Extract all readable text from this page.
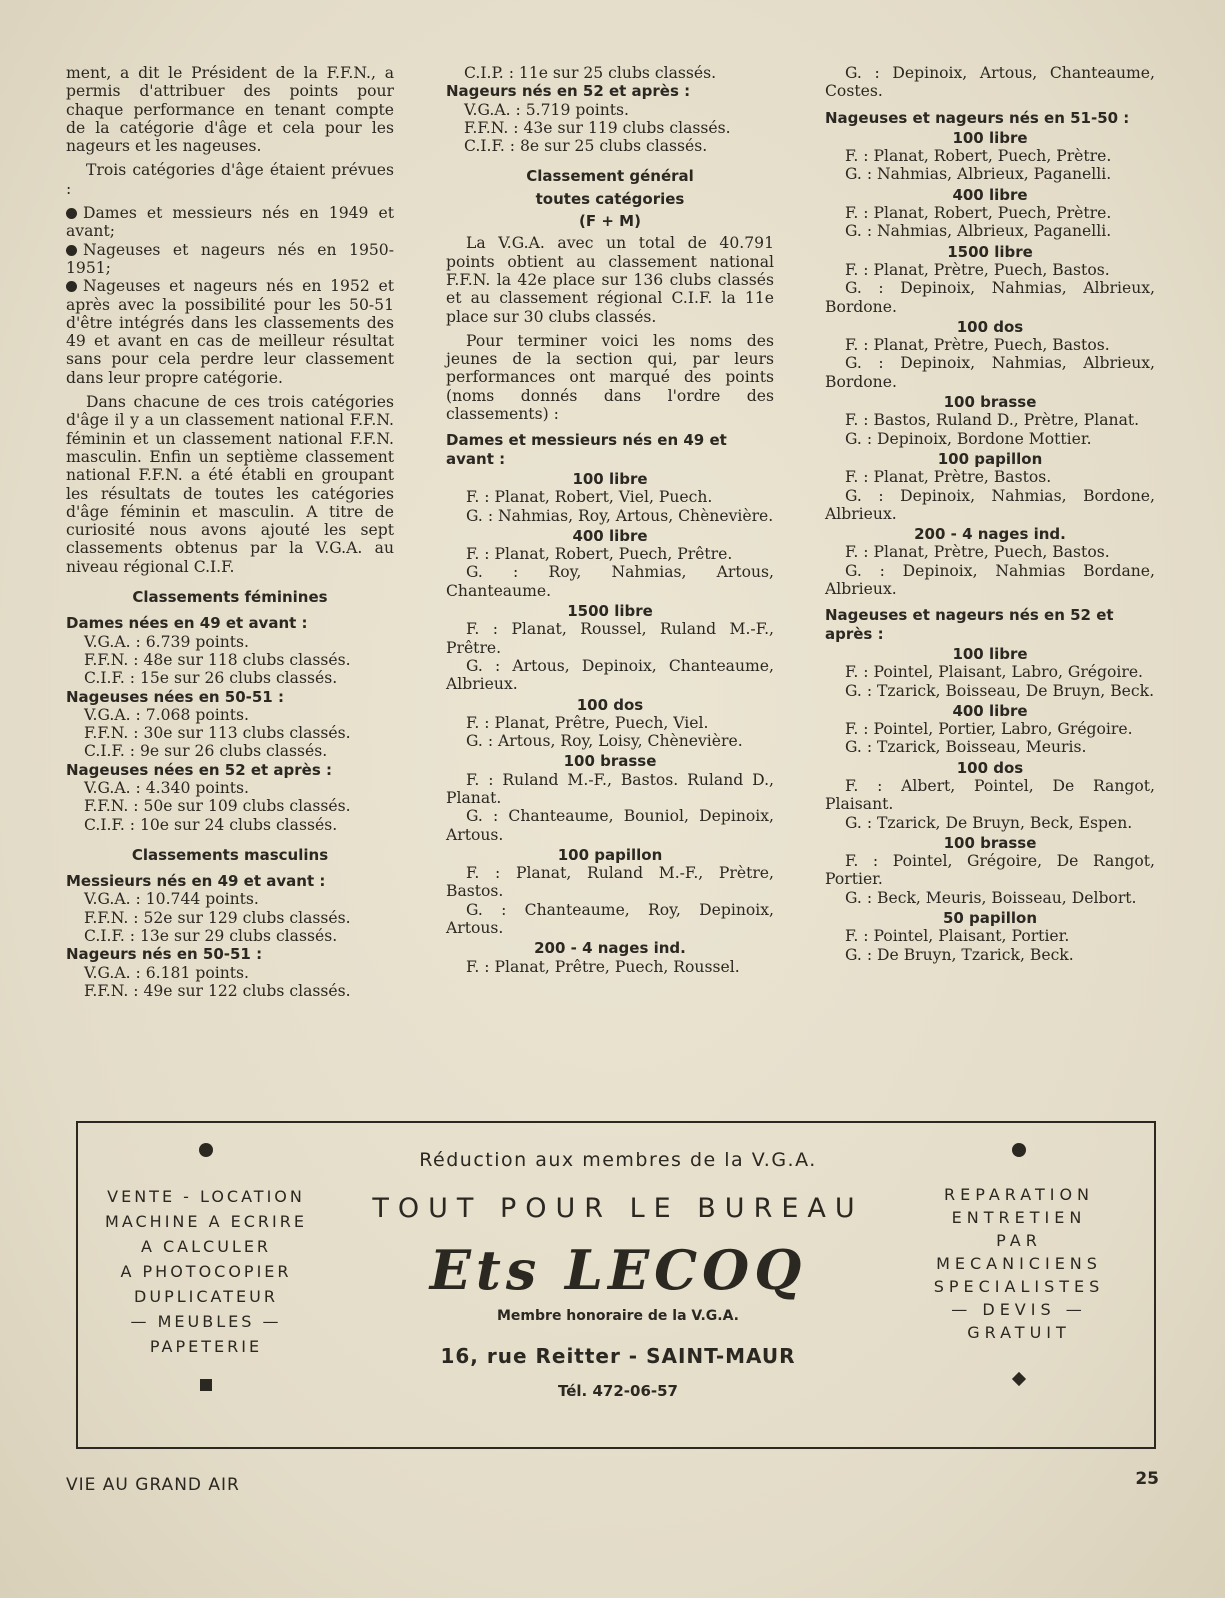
ment, a dit le Président de la F.F.N., a permis d'attribuer des points pour chaque performance en tenant compte de la catégorie d'âge et cela pour les nageurs et les nageuses.

Trois catégories d'âge étaient prévues :

Dames et messieurs nés en 1949 et avant;
Nageuses et nageurs nés en 1950-1951;

Nageuses et nageurs nés en 1952 et après avec la possibilité pour les 50-51 d'être intégrés dans les classements des 49 et avant en cas de meilleur résultat sans pour cela perdre leur classement dans leur propre catégorie.

Dans chacune de ces trois catégories d'âge il y a un classement national F.F.N. féminin et un classement national F.F.N. masculin. Enfin un septième classement national F.F.N. a été établi en groupant les résultats de toutes les catégories d'âge féminin et masculin. A titre de curiosité nous avons ajouté les sept classements obtenus par la V.G.A. au niveau régional C.I.F.

Classements féminines
Dames nées en 49 et avant :
V.G.A. : 6.739 points.
F.F.N. : 48e sur 118 clubs classés.
C.I.F. : 15e sur 26 clubs classés.
Nageuses nées en 50-51 :
V.G.A. : 7.068 points.
F.F.N. : 30e sur 113 clubs classés.
C.I.F. : 9e sur 26 clubs classés.
Nageuses nées en 52 et après :
V.G.A. : 4.340 points.
F.F.N. : 50e sur 109 clubs classés.
C.I.F. : 10e sur 24 clubs classés.
Classements masculins
Messieurs nés en 49 et avant :
V.G.A. : 10.744 points.
F.F.N. : 52e sur 129 clubs classés.
C.I.F. : 13e sur 29 clubs classés.
Nageurs nés en 50-51 :
V.G.A. : 6.181 points.
F.F.N. : 49e sur 122 clubs classés.
C.I.P. : 11e sur 25 clubs classés.
Nageurs nés en 52 et après :
V.G.A. : 5.719 points.
F.F.N. : 43e sur 119 clubs classés.
C.I.F. : 8e sur 25 clubs classés.
Classement général
toutes catégories
(F + M)

La V.G.A. avec un total de 40.791 points obtient au classement national F.F.N. la 42e place sur 136 clubs classés et au classement régional C.I.F. la 11e place sur 30 clubs classés.

Pour terminer voici les noms des jeunes de la section qui, par leurs performances ont marqué des points (noms donnés dans l'ordre des classements) :

Dames et messieurs nés en 49 et avant :
100 libre
F. : Planat, Robert, Viel, Puech.
G. : Nahmias, Roy, Artous, Chènevière.
400 libre
F. : Planat, Robert, Puech, Prêtre.
G. : Roy, Nahmias, Artous, Chanteaume.
1500 libre
F. : Planat, Roussel, Ruland M.-F., Prêtre.
G. : Artous, Depinoix, Chanteaume, Albrieux.
100 dos
F. : Planat, Prêtre, Puech, Viel.
G. : Artous, Roy, Loisy, Chènevière.
100 brasse
F. : Ruland M.-F., Bastos. Ruland D., Planat.
G. : Chanteaume, Bouniol, Depinoix, Artous.
100 papillon
F. : Planat, Ruland M.-F., Prètre, Bastos.
G. : Chanteaume, Roy, Depinoix, Artous.
200 - 4 nages ind.
F. : Planat, Prêtre, Puech, Roussel.

G. : Depinoix, Artous, Chanteaume, Costes.

Nageuses et nageurs nés en 51-50 :
100 libre
F. : Planat, Robert, Puech, Prètre.
G. : Nahmias, Albrieux, Paganelli.
400 libre
F. : Planat, Robert, Puech, Prètre.
G. : Nahmias, Albrieux, Paganelli.
1500 libre
F. : Planat, Prètre, Puech, Bastos.
G. : Depinoix, Nahmias, Albrieux, Bordone.
100 dos
F. : Planat, Prètre, Puech, Bastos.
G. : Depinoix, Nahmias, Albrieux, Bordone.
100 brasse
F. : Bastos, Ruland D., Prètre, Planat.
G. : Depinoix, Bordone Mottier.
100 papillon
F. : Planat, Prètre, Bastos.
G. : Depinoix, Nahmias, Bordone, Albrieux.
200 - 4 nages ind.
F. : Planat, Prètre, Puech, Bastos.
G. : Depinoix, Nahmias Bordane, Albrieux.
Nageuses et nageurs nés en 52 et après :
100 libre
F. : Pointel, Plaisant, Labro, Grégoire.
G. : Tzarick, Boisseau, De Bruyn, Beck.
400 libre
F. : Pointel, Portier, Labro, Grégoire.
G. : Tzarick, Boisseau, Meuris.
100 dos
F. : Albert, Pointel, De Rangot, Plaisant.
G. : Tzarick, De Bruyn, Beck, Espen.
100 brasse
F. : Pointel, Grégoire, De Rangot, Portier.
G. : Beck, Meuris, Boisseau, Delbort.
50 papillon
F. : Pointel, Plaisant, Portier.
G. : De Bruyn, Tzarick, Beck.
VENTE - LOCATION
MACHINE A ECRIRE
A CALCULER
A PHOTOCOPIER
DUPLICATEUR
— MEUBLES —
PAPETERIE
Réduction aux membres de la V.G.A.
TOUT POUR LE BUREAU
Ets LECOQ
Membre honoraire de la V.G.A.
16, rue Reitter - SAINT-MAUR
Tél. 472-06-57
REPARATION
ENTRETIEN
PAR
MECANICIENS
SPECIALISTES
— DEVIS —
GRATUIT
VIE AU GRAND AIR	25
